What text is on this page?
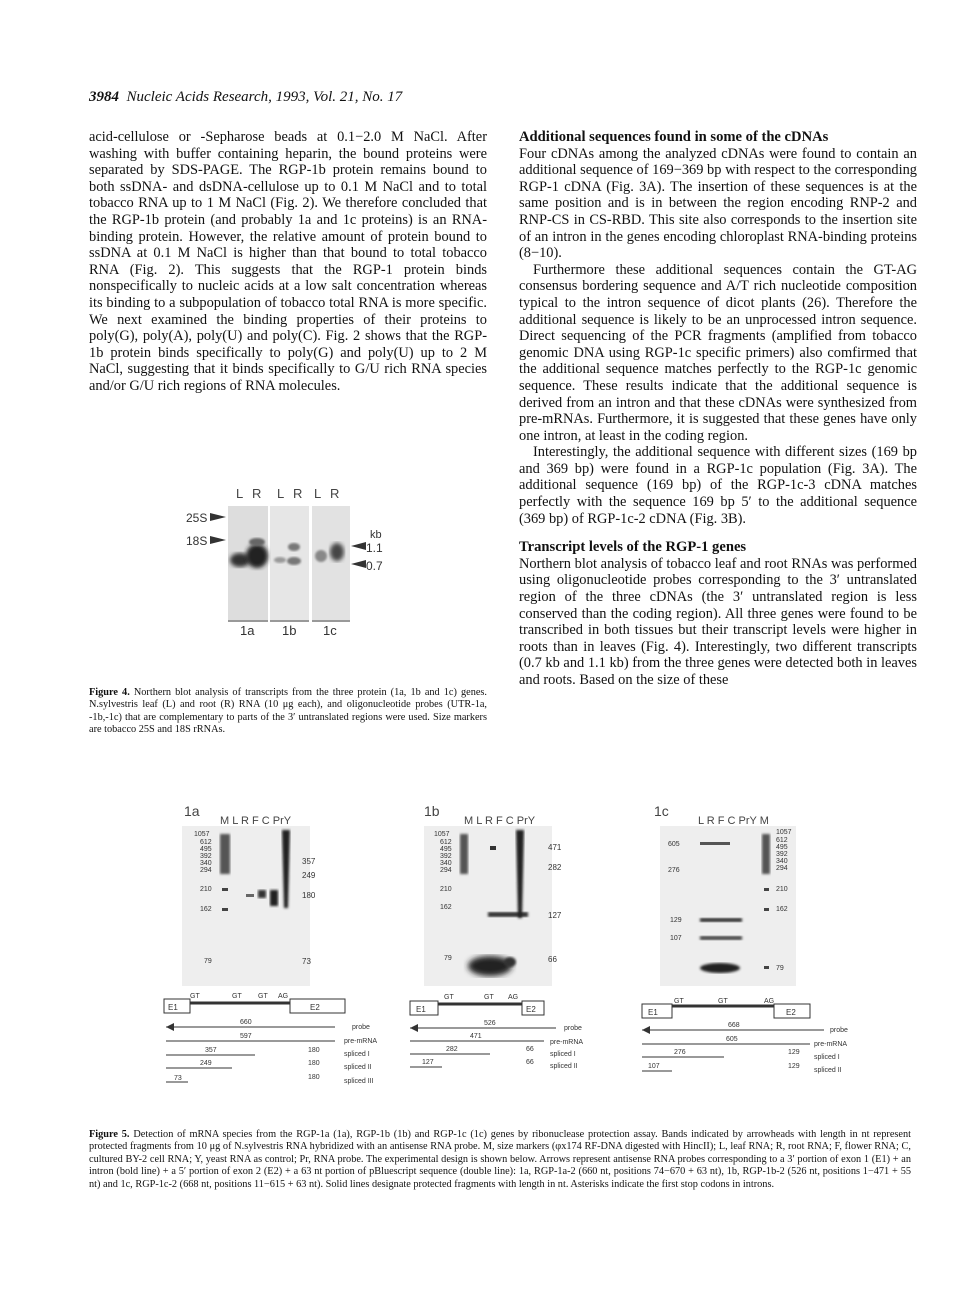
3984 Nucleic Acids Research, 1993, Vol. 21, No. 17

acid-cellulose or -Sepharose beads at 0.1−2.0 M NaCl. After washing with buffer containing heparin, the bound proteins were separated by SDS-PAGE. The RGP-1b protein remains bound to both ssDNA- and dsDNA-cellulose up to 0.1 M NaCl and to total tobacco RNA up to 1 M NaCl (Fig. 2). We therefore concluded that the RGP-1b protein (and probably 1a and 1c proteins) is an RNA-binding protein. However, the relative amount of protein bound to ssDNA at 0.1 M NaCl is higher than that bound to total tobacco RNA (Fig. 2). This suggests that the RGP-1 protein binds nonspecifically to nucleic acids at a low salt concentration whereas its binding to a subpopulation of tobacco total RNA is more specific. We next examined the binding properties of their proteins to poly(G), poly(A), poly(U) and poly(C). Fig. 2 shows that the RGP-1b protein binds specifically to poly(G) and poly(U) up to 2 M NaCl, suggesting that it binds specifically to G/U rich RNA species and/or G/U rich regions of RNA molecules.

Additional sequences found in some of the cDNAs

Four cDNAs among the analyzed cDNAs were found to contain an additional sequence of 169−369 bp with respect to the corresponding RGP-1 cDNA (Fig. 3A). The insertion of these sequences is at the same position and is in between the region encoding RNP-2 and RNP-CS in CS-RBD. This site also corresponds to the insertion site of an intron in the genes encoding chloroplast RNA-binding proteins (8−10).

Furthermore these additional sequences contain the GT-AG consensus bordering sequence and A/T rich nucleotide composition typical to the intron sequence of dicot plants (26). Therefore the additional sequence is likely to be an unprocessed intron sequence. Direct sequencing of the PCR fragments (amplified from tobacco genomic DNA using RGP-1c specific primers) also comfirmed that the additional sequence matches perfectly to the RGP-1c genomic sequence. These results indicate that the additional sequence is derived from an intron and that these cDNAs were synthesized from pre-mRNAs. Furthermore, it is suggested that these genes have only one intron, at least in the coding region.

Interestingly, the additional sequence with different sizes (169 bp and 369 bp) were found in a RGP-1c population (Fig. 3A). The additional sequence (169 bp) of the RGP-1c-3 cDNA matches perfectly with the sequence 169 bp 5′ to the additional sequence (369 bp) of RGP-1c-2 cDNA (Fig. 3B).

Transcript levels of the RGP-1 genes

Northern blot analysis of tobacco leaf and root RNAs was performed using oligonucleotide probes corresponding to the 3′ untranslated region of the three cDNAs (the 3′ untranslated region is less conserved than the coding region). All three genes were found to be transcribed in both tissues but their transcript levels were higher in roots than in leaves (Fig. 4). Interestingly, two different transcripts (0.7 kb and 1.1 kb) from the three genes were detected both in leaves and roots. Based on the size of these

L R L R L R
25S
18S	kb
1.1
0.7
1a 1b 1c
Figure 4. Northern blot analysis of transcripts from the three protein (1a, 1b and 1c) genes. N.sylvestris leaf (L) and root (R) RNA (10 μg each), and oligonucleotide probes (UTR-1a, -1b,-1c) that are complementary to parts of the 3′ untranslated regions were used. Size markers are tobacco 25S and 18S rRNAs.
1a
M L R F C PrY
1057
612
495
392
340
294
210
162
79
357
249
180
73
E1	E2
GT	GT GT AG
660
597
357
249
73
180
180
180
probe
pre-mRNA
spliced I
spliced II
spliced III
1b
M L R F C PrY
1057
612
495
392
340
294
210
162
79
471
282
127
66
E1	E2
GT	GT AG
526
471
282
127
66
66
probe
pre-mRNA
spliced I
spliced II
1c
L R F C PrY M
605
276
129
107
1057
612
495
392
340
294
210
162
79
E1	E2
GT	GT	AG
668
605
276
107
129
129
probe
pre-mRNA
spliced I
spliced II
Figure 5. Detection of mRNA species from the RGP-1a (1a), RGP-1b (1b) and RGP-1c (1c) genes by ribonuclease protection assay. Bands indicated by arrowheads with length in nt represent protected fragments from 10 μg of N.sylvestris RNA hybridized with an antisense RNA probe. M, size markers (φx174 RF-DNA digested with HincII); L, leaf RNA; R, root RNA; F, flower RNA; C, cultured BY-2 cell RNA; Y, yeast RNA as control; Pr, RNA probe. The experimental design is shown below. Arrows represent antisense RNA probes corresponding to a 3′ portion of exon 1 (E1) + an intron (bold line) + a 5′ portion of exon 2 (E2) + a 63 nt portion of pBluescript sequence (double line): 1a, RGP-1a-2 (660 nt, positions 74−670 + 63 nt), 1b, RGP-1b-2 (526 nt, positions 1−471 + 55 nt) and 1c, RGP-1c-2 (668 nt, positions 11−615 + 63 nt). Solid lines designate protected fragments with length in nt. Asterisks indicate the first stop codons in introns.
